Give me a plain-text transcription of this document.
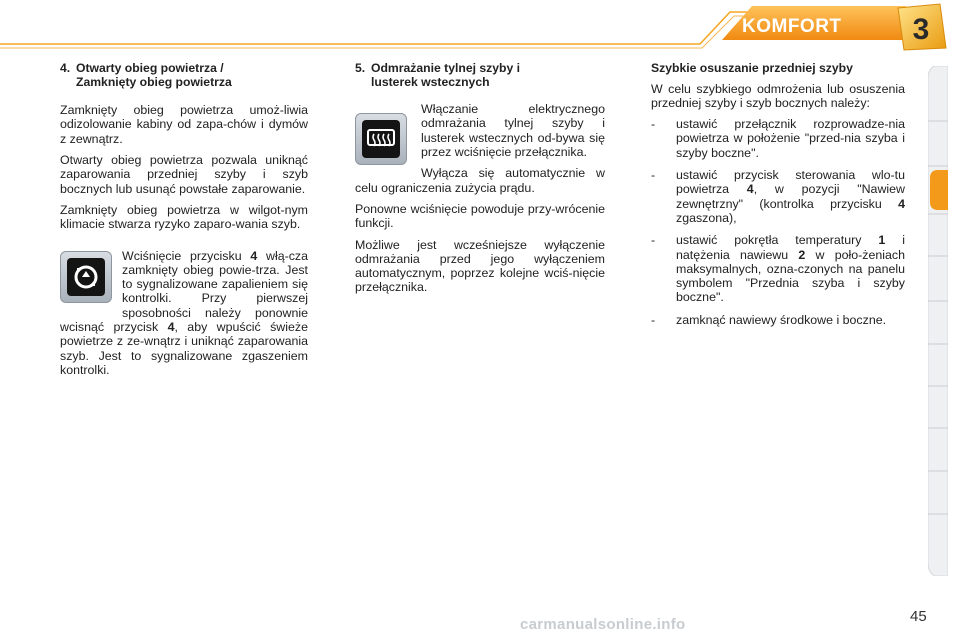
KOMFORT 3
4. Otwarty obieg powietrza /
Zamknięty obieg powietrza

Zamknięty obieg powietrza umoż-liwia odizolowanie kabiny od zapa-chów i dymów z zewnątrz.

Otwarty obieg powietrza pozwala uniknąć zaparowania przedniej szyby i szyb bocznych lub usunąć powstałe zaparowanie.

Zamknięty obieg powietrza w wilgot-nym klimacie stwarza ryzyko zaparo-wania szyb.

Wciśnięcie przycisku 4 włą-cza zamknięty obieg powie-trza. Jest to sygnalizowane zapalieniem się kontrolki. Przy pierwszej sposobności należy ponownie wcisnąć przycisk 4, aby wpuścić świeże powietrze z ze-wnątrz i uniknąć zaparowania szyb. Jest to sygnalizowane zgaszeniem kontrolki.

5. Odmrażanie tylnej szyby i
lusterek wstecznych

Włączanie elektrycznego odmrażania tylnej szyby i lusterek wstecznych od-bywa się przez wciśnięcie przełącznika.

Wyłącza się automatycznie w celu ograniczenia zużycia prądu.

Ponowne wciśnięcie powoduje przy-wrócenie funkcji.

Możliwe jest wcześniejsze wyłączenie odmrażania przed jego wyłączeniem automatycznym, poprzez kolejne wciś-nięcie przełącznika.

Szybkie osuszanie przedniej szyby

W celu szybkiego odmrożenia lub osuszenia przedniej szyby i szyb bocznych należy:

- ustawić przełącznik rozprowadze-nia powietrza w położenie "przed-nia szyba i szyby boczne".
- ustawić przycisk sterowania wlo-tu powietrza 4, w pozycji "Nawiew zewnętrzny" (kontrolka przycisku 4 zgaszona),
- ustawić pokrętła temperatury 1 i natężenia nawiewu 2 w poło-żeniach maksymalnych, ozna-czonych na panelu symbolem "Przednia szyba i szyby boczne".
- zamknąć nawiewy środkowe i boczne.
45
carmanualsonline.info
